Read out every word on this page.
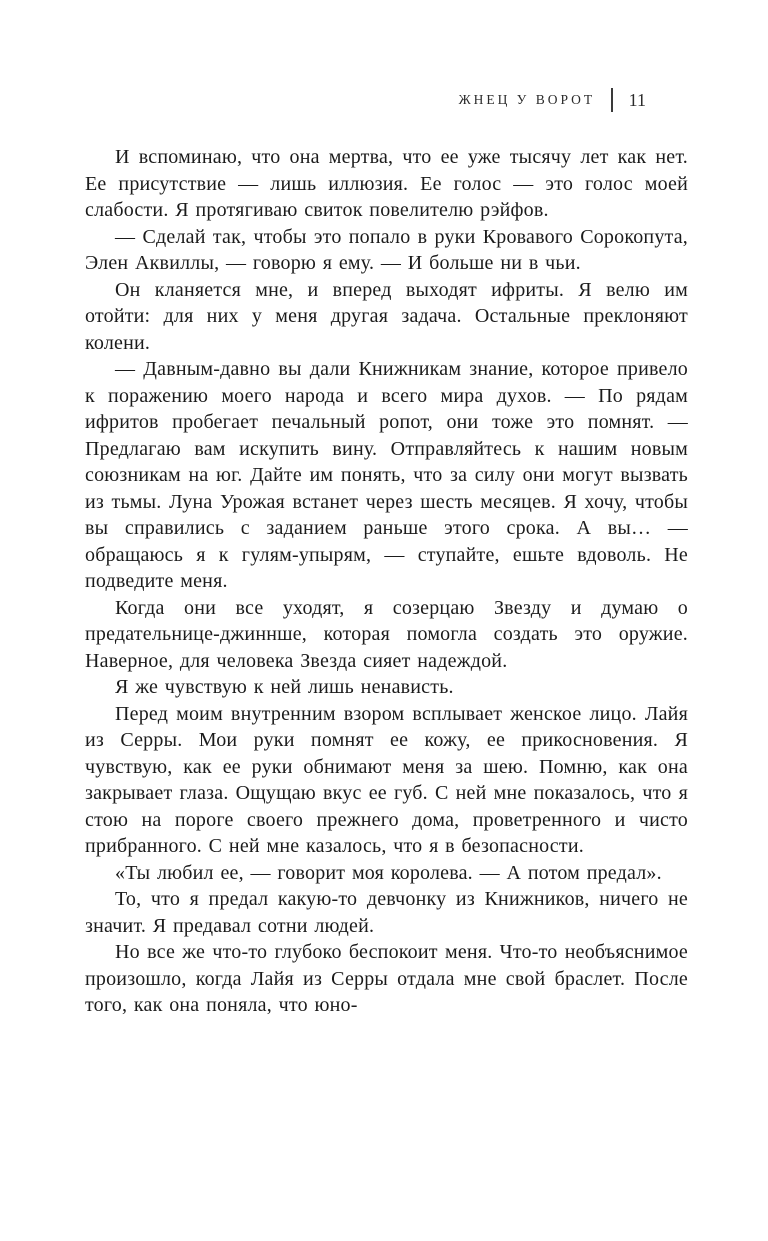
ЖНЕЦ У ВОРОТ 11

И вспоминаю, что она мертва, что ее уже тысячу лет как нет. Ее присутствие — лишь иллюзия. Ее голос — это голос моей слабости. Я протягиваю свиток повелителю рэйфов.

— Сделай так, чтобы это попало в руки Кровавого Сорокопута, Элен Аквиллы, — говорю я ему. — И больше ни в чьи.

Он кланяется мне, и вперед выходят ифриты. Я велю им отойти: для них у меня другая задача. Остальные преклоняют колени.

— Давным-давно вы дали Книжникам знание, которое привело к поражению моего народа и всего мира духов. — По рядам ифритов пробегает печальный ропот, они тоже это помнят. — Предлагаю вам искупить вину. Отправляйтесь к нашим новым союзникам на юг. Дайте им понять, что за силу они могут вызвать из тьмы. Луна Урожая встанет через шесть месяцев. Я хочу, чтобы вы справились с заданием раньше этого срока. А вы… — обращаюсь я к гулям-упырям, — ступайте, ешьте вдоволь. Не подведите меня.

Когда они все уходят, я созерцаю Звезду и думаю о предательнице-джиннше, которая помогла создать это оружие. Наверное, для человека Звезда сияет надеждой.

Я же чувствую к ней лишь ненависть.

Перед моим внутренним взором всплывает женское лицо. Лайя из Серры. Мои руки помнят ее кожу, ее прикосновения. Я чувствую, как ее руки обнимают меня за шею. Помню, как она закрывает глаза. Ощущаю вкус ее губ. С ней мне показалось, что я стою на пороге своего прежнего дома, проветренного и чисто прибранного. С ней мне казалось, что я в безопасности.

«Ты любил ее, — говорит моя королева. — А потом предал».

То, что я предал какую-то девчонку из Книжников, ничего не значит. Я предавал сотни людей.

Но все же что-то глубоко беспокоит меня. Что-то необъяснимое произошло, когда Лайя из Серры отдала мне свой браслет. После того, как она поняла, что юно-
